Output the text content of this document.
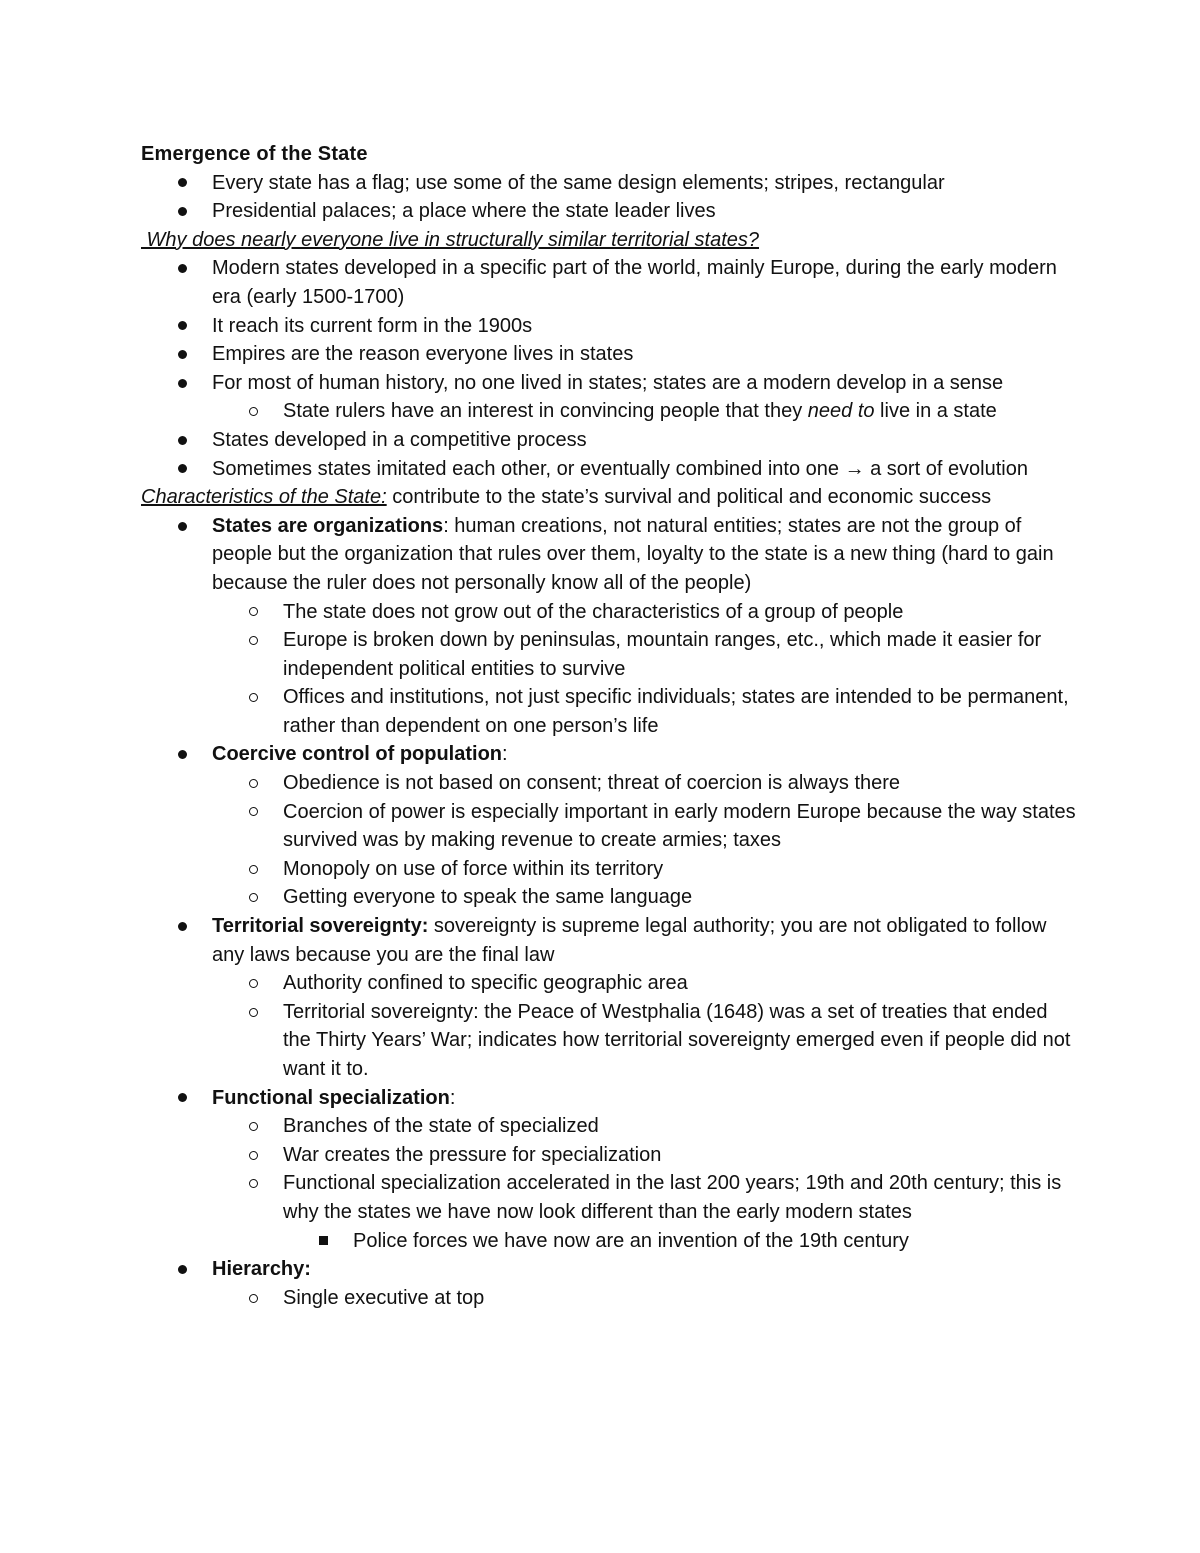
Emergence of the State
Every state has a flag; use some of the same design elements; stripes, rectangular
Presidential palaces; a place where the state leader lives
Why does nearly everyone live in structurally similar territorial states?
Modern states developed in a specific part of the world, mainly Europe, during the early modern era (early 1500-1700)
It reach its current form in the 1900s
Empires are the reason everyone lives in states
For most of human history, no one lived in states; states are a modern develop in a sense
State rulers have an interest in convincing people that they need to live in a state
States developed in a competitive process
Sometimes states imitated each other, or eventually combined into one → a sort of evolution
Characteristics of the State: contribute to the state’s survival and political and economic success
States are organizations: human creations, not natural entities; states are not the group of people but the organization that rules over them, loyalty to the state is a new thing (hard to gain because the ruler does not personally know all of the people)
The state does not grow out of the characteristics of a group of people
Europe is broken down by peninsulas, mountain ranges, etc., which made it easier for independent political entities to survive
Offices and institutions, not just specific individuals; states are intended to be permanent, rather than dependent on one person’s life
Coercive control of population:
Obedience is not based on consent; threat of coercion is always there
Coercion of power is especially important in early modern Europe because the way states survived was by making revenue to create armies; taxes
Monopoly on use of force within its territory
Getting everyone to speak the same language
Territorial sovereignty: sovereignty is supreme legal authority; you are not obligated to follow any laws because you are the final law
Authority confined to specific geographic area
Territorial sovereignty: the Peace of Westphalia (1648) was a set of treaties that ended the Thirty Years’ War; indicates how territorial sovereignty emerged even if people did not want it to.
Functional specialization:
Branches of the state of specialized
War creates the pressure for specialization
Functional specialization accelerated in the last 200 years; 19th and 20th century; this is why the states we have now look different than the early modern states
Police forces we have now are an invention of the 19th century
Hierarchy:
Single executive at top
